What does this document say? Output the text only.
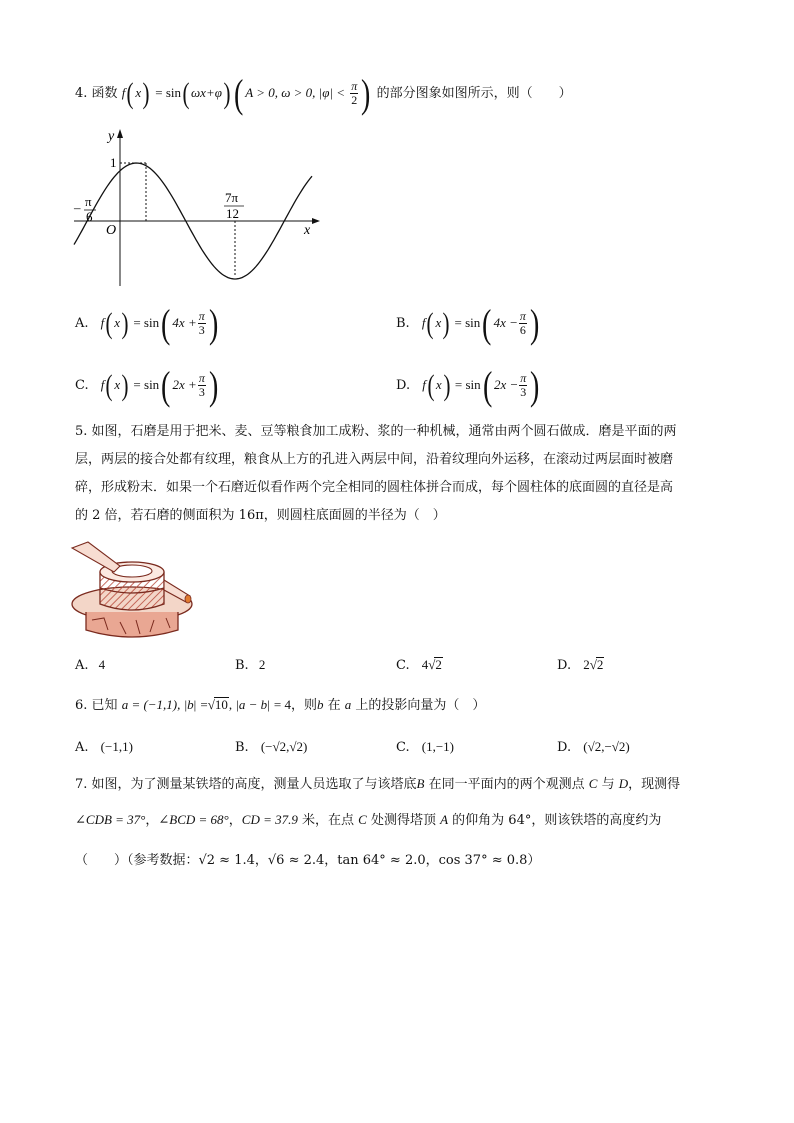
4. 函数 f( x) = sin( ωx+φ)( A > 0, ω > 0, $|\varphi| < \frac{\pi}{2}$ ) 的部分图象如图所示，则（　　）
y
x
O
1
– π
6
7π
12
A. f( x) = sin( $4x + \frac{\pi}{3}$ )	B. f( x) = sin( $4x - \frac{\pi}{6}$ )
C. f( x) = sin( $2x + \frac{\pi}{3}$ )	D. f( x) = sin( $2x - \frac{\pi}{3}$ )
5. 如图，石磨是用于把米、麦、豆等粮食加工成粉、浆的一种机械，通常由两个圆石做成．磨是平面的两
层，两层的接合处都有纹理，粮食从上方的孔进入两层中间，沿着纹理向外运移，在滚动过两层面时被磨
碎，形成粉末．如果一个石磨近似看作两个完全相同的圆柱体拼合而成，每个圆柱体的底面圆的直径是高
的 2 倍，若石磨的侧面积为 16π，则圆柱底面圆的半径为（　）
A. 4	B. 2	C. 4√2	D. 2√2
6. 已知 a = (−1,1), |b| =√10, |a − b| = 4，则b 在 a 上的投影向量为（　）
A. (−1,1)	B. (−√2,√2)	C. (1,−1)	D. (√2,−√2)
7. 如图，为了测量某铁塔的高度，测量人员选取了与该塔底B 在同一平面内的两个观测点 C 与 D，现测得
∠CDB = 37°，∠BCD = 68°，CD = 37.9 米，在点 C 处测得塔顶 A 的仰角为 64°，则该铁塔的高度约为
（　　）（参考数据：√2 ≈ 1.4，√6 ≈ 2.4，tan 64° ≈ 2.0，cos 37° ≈ 0.8）
